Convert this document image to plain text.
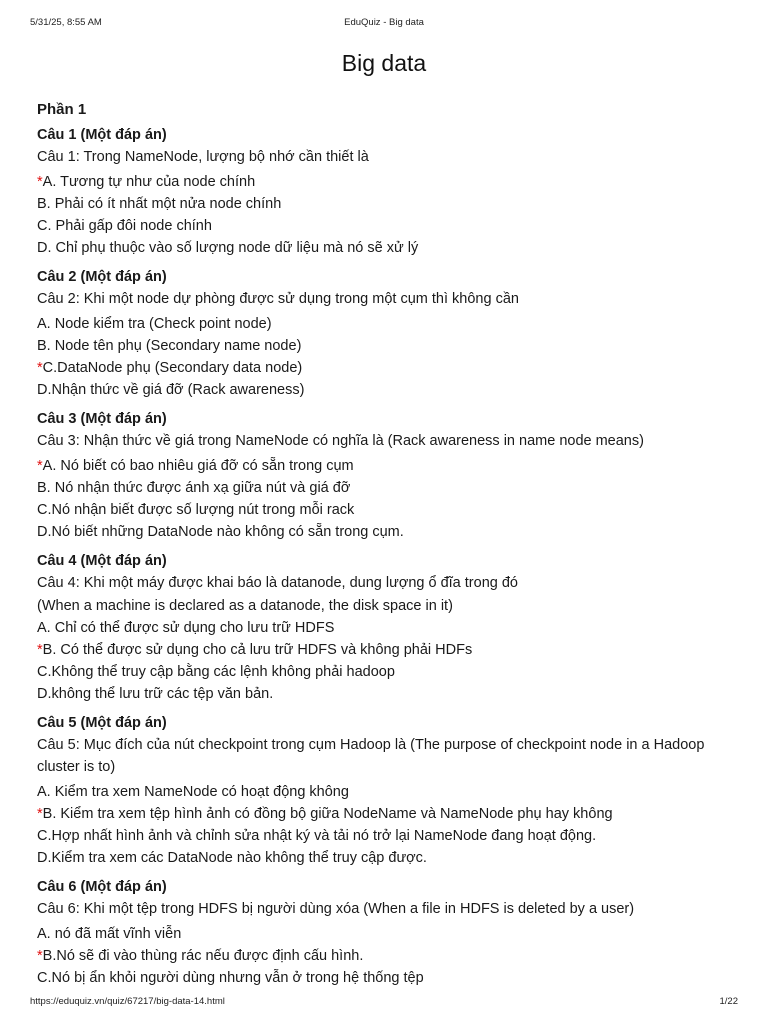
5/31/25, 8:55 AM	EduQuiz - Big data
Big data
Phần 1
Câu 1 (Một đáp án)
Câu 1: Trong NameNode, lượng bộ nhớ cần thiết là
*A. Tương tự như của node chính
B. Phải có ít nhất một nửa node chính
C. Phải gấp đôi node chính
D. Chỉ phụ thuộc vào số lượng node dữ liệu mà nó sẽ xử lý
Câu 2 (Một đáp án)
Câu 2: Khi một node dự phòng được sử dụng trong một cụm thì không cần
A. Node kiểm tra (Check point node)
B. Node tên phụ (Secondary name node)
*C.DataNode phụ (Secondary data node)
D.Nhận thức về giá đỡ (Rack awareness)
Câu 3 (Một đáp án)
Câu 3: Nhận thức về giá trong NameNode có nghĩa là (Rack awareness in name node means)
*A. Nó biết có bao nhiêu giá đỡ có sẵn trong cụm
B. Nó nhận thức được ánh xạ giữa nút và giá đỡ
C.Nó nhận biết được số lượng nút trong mỗi rack
D.Nó biết những DataNode nào không có sẵn trong cụm.
Câu 4 (Một đáp án)
Câu 4: Khi một máy được khai báo là datanode, dung lượng ổ đĩa trong đó
(When a machine is declared as a datanode, the disk space in it)
A. Chỉ có thể được sử dụng cho lưu trữ HDFS
*B. Có thể được sử dụng cho cả lưu trữ HDFS và không phải HDFs
C.Không thể truy cập bằng các lệnh không phải hadoop
D.không thể lưu trữ các tệp văn bản.
Câu 5 (Một đáp án)
Câu 5: Mục đích của nút checkpoint trong cụm Hadoop là (The purpose of checkpoint node in a Hadoop cluster is to)
A. Kiểm tra xem NameNode có hoạt động không
*B. Kiểm tra xem tệp hình ảnh có đồng bộ giữa NodeName và NameNode phụ hay không
C.Hợp nhất hình ảnh và chỉnh sửa nhật ký và tải nó trở lại NameNode đang hoạt động.
D.Kiểm tra xem các DataNode nào không thể truy cập được.
Câu 6 (Một đáp án)
Câu 6: Khi một tệp trong HDFS bị người dùng xóa (When a file in HDFS is deleted by a user)
A. nó đã mất vĩnh viễn
*B.Nó sẽ đi vào thùng rác nếu được định cấu hình.
C.Nó bị ẩn khỏi người dùng nhưng vẫn ở trong hệ thống tệp
https://eduquiz.vn/quiz/67217/big-data-14.html	1/22
